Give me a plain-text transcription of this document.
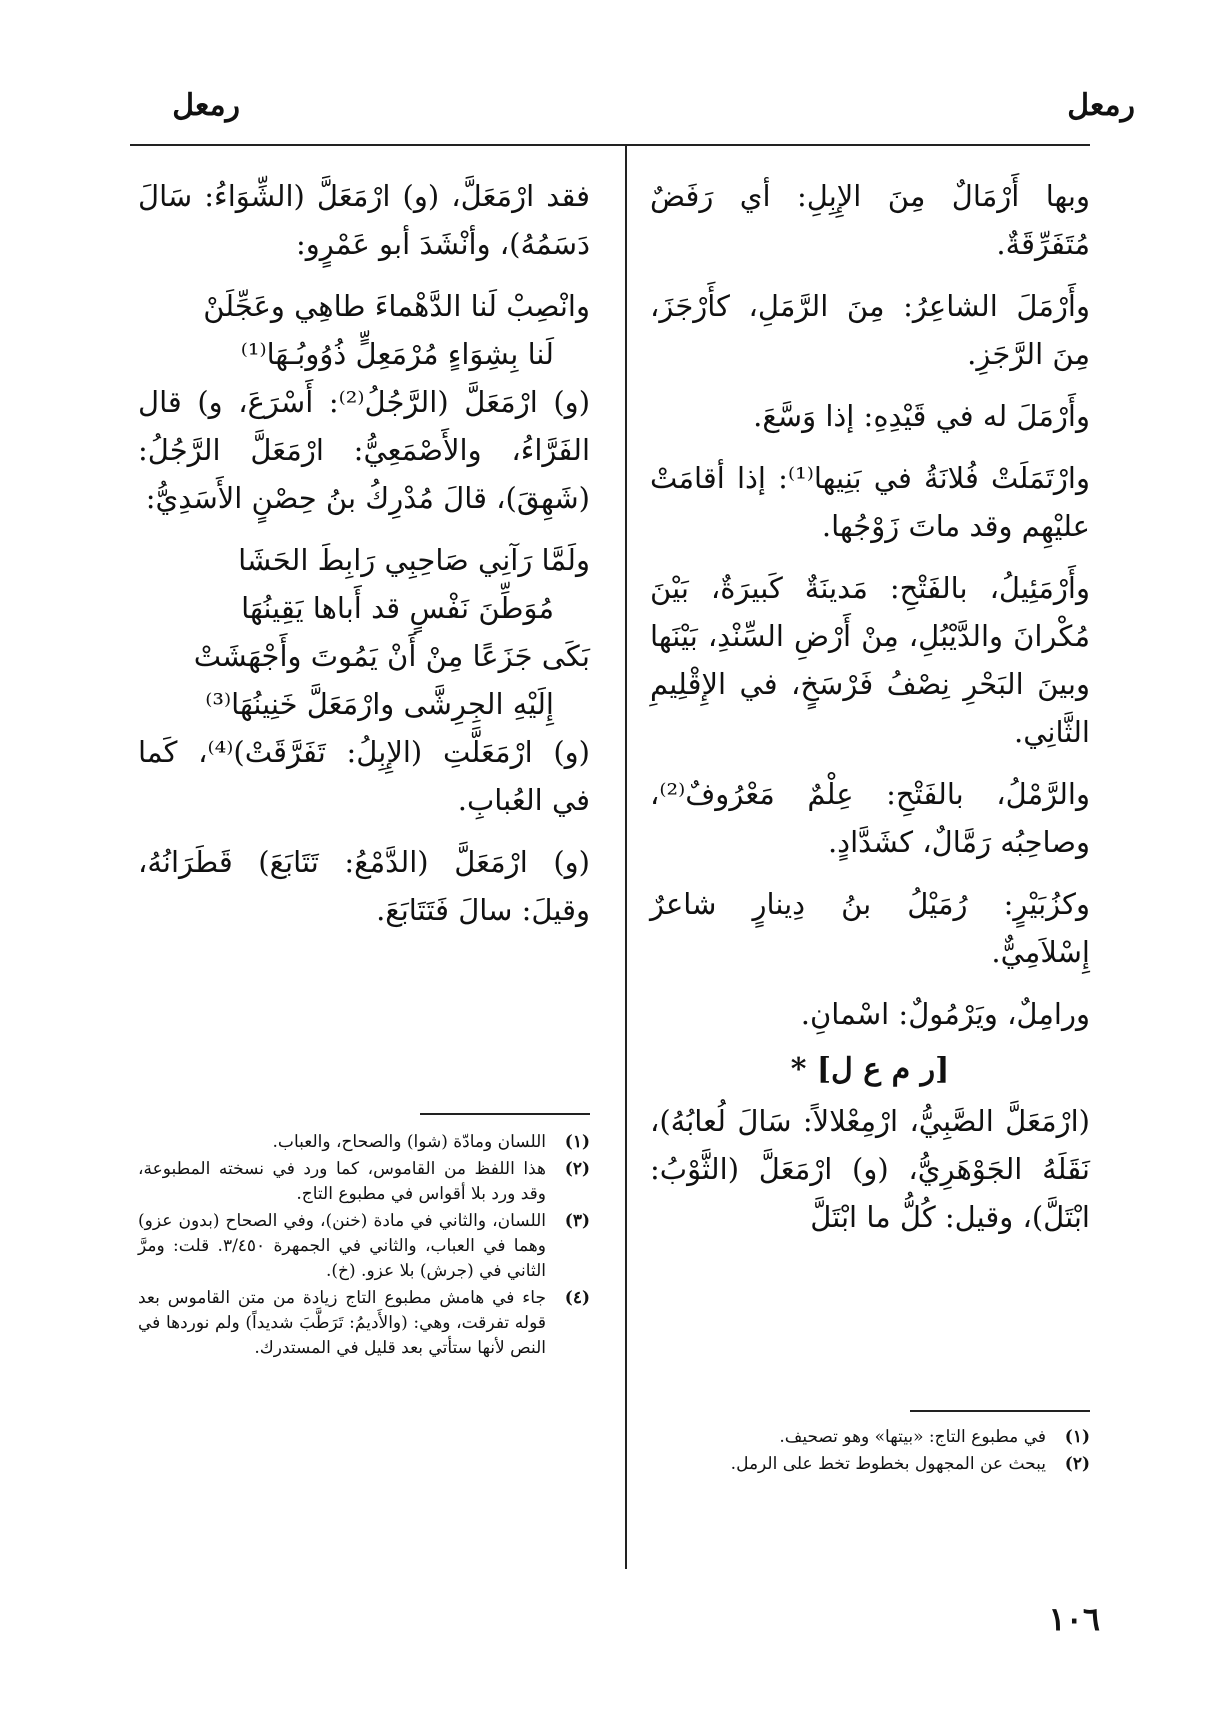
رمعل
رمعل

وبها أَرْمَالٌ مِنَ الإِبِلِ: أي رَفَضٌ مُتَفَرِّقَةٌ.

وأَرْمَلَ الشاعِرُ: مِنَ الرَّمَلِ، كأَرْجَزَ، مِنَ الرَّجَزِ.

وأَرْمَلَ له في قَيْدِهِ: إذا وَسَّعَ.

وارْتَمَلَتْ فُلانَةُ في بَنِيها⁽¹⁾: إذا أقامَتْ عليْهِم وقد ماتَ زَوْجُها.

وأَرْمَئِيلُ، بالفَتْحِ: مَدينَةٌ كَبيرَةٌ، بَيْنَ مُكْرانَ والدَّيْبُلِ، مِنْ أَرْضِ السِّنْدِ، بَيْنَها وبينَ البَحْرِ نِصْفُ فَرْسَخٍ، في الإِقْلِيمِ الثَّانِي.

والرَّمْلُ، بالفَتْحِ: عِلْمٌ مَعْرُوفٌ⁽²⁾، وصاحِبُه رَمَّالٌ، كشَدَّادٍ.

وكزُبَيْرٍ: رُمَيْلُ بنُ دِينارٍ شاعرٌ إِسْلاَمِيٌّ.

ورامِلٌ، ويَرْمُولٌ: اسْمانِ.

[ر م ع ل] *

(ارْمَعَلَّ الصَّبِيُّ، ارْمِعْلالاً: سَالَ لُعابُهُ)، نَقَلَهُ الجَوْهَرِيُّ، (و) ارْمَعَلَّ (الثَّوْبُ: ابْتَلَّ)، وقيل: كُلُّ ما ابْتَلَّ

(١)
في مطبوع التاج: «بيتها» وهو تصحيف.
(٢)
يبحث عن المجهول بخطوط تخط على الرمل.

فقد ارْمَعَلَّ، (و) ارْمَعَلَّ (الشِّوَاءُ: سَالَ دَسَمُهُ)، وأنْشَدَ أبو عَمْرٍو:

وانْصِبْ لَنا الدَّهْماءَ طاهِي وعَجِّلَنْ

لَنا بِشِوَاءٍ مُرْمَعِلٍّ ذُوُوبُـهَا⁽¹⁾

(و) ارْمَعَلَّ (الرَّجُلُ⁽²⁾: أَسْرَعَ، و) قال الفَرَّاءُ، والأَصْمَعِيُّ: ارْمَعَلَّ الرَّجُلُ: (شَهِقَ)، قالَ مُدْرِكُ بنُ حِصْنٍ الأَسَدِيُّ:

ولَمَّا رَآنِي صَاحِبِي رَابِطَ الحَشَا

مُوَطِّنَ نَفْسٍ قد أَباها يَقِينُهَا

بَكَى جَزَعًا مِنْ أَنْ يَمُوتَ وأَجْهَشَتْ

إِلَيْهِ الجِرِشَّى وارْمَعَلَّ خَنِينُهَا⁽³⁾

(و) ارْمَعَلَّتِ (الإِبِلُ: تَفَرَّقَتْ)⁽⁴⁾، كَما في العُبابِ.

(و) ارْمَعَلَّ (الدَّمْعُ: تَتَابَعَ) قَطَرَانُهُ، وقيلَ: سالَ فَتَتَابَعَ.

(١)
اللسان ومادّة (شوا) والصحاح، والعباب.
(٢)
هذا اللفظ من القاموس، كما ورد في نسخته المطبوعة، وقد ورد بلا أقواس في مطبوع التاج.
(٣)
اللسان، والثاني في مادة (خنن)، وفي الصحاح (بدون عزو) وهما في العباب، والثاني في الجمهرة ٣/٤٥٠. قلت: ومرَّ الثاني في (جرش) بلا عزو. (خ).
(٤)
جاء في هامش مطبوع التاج زيادة من متن القاموس بعد قوله تفرقت، وهي: (والأَديمُ: تَرَطَّبَ شديداً) ولم نوردها في النص لأنها ستأتي بعد قليل في المستدرك.
١٠٦
